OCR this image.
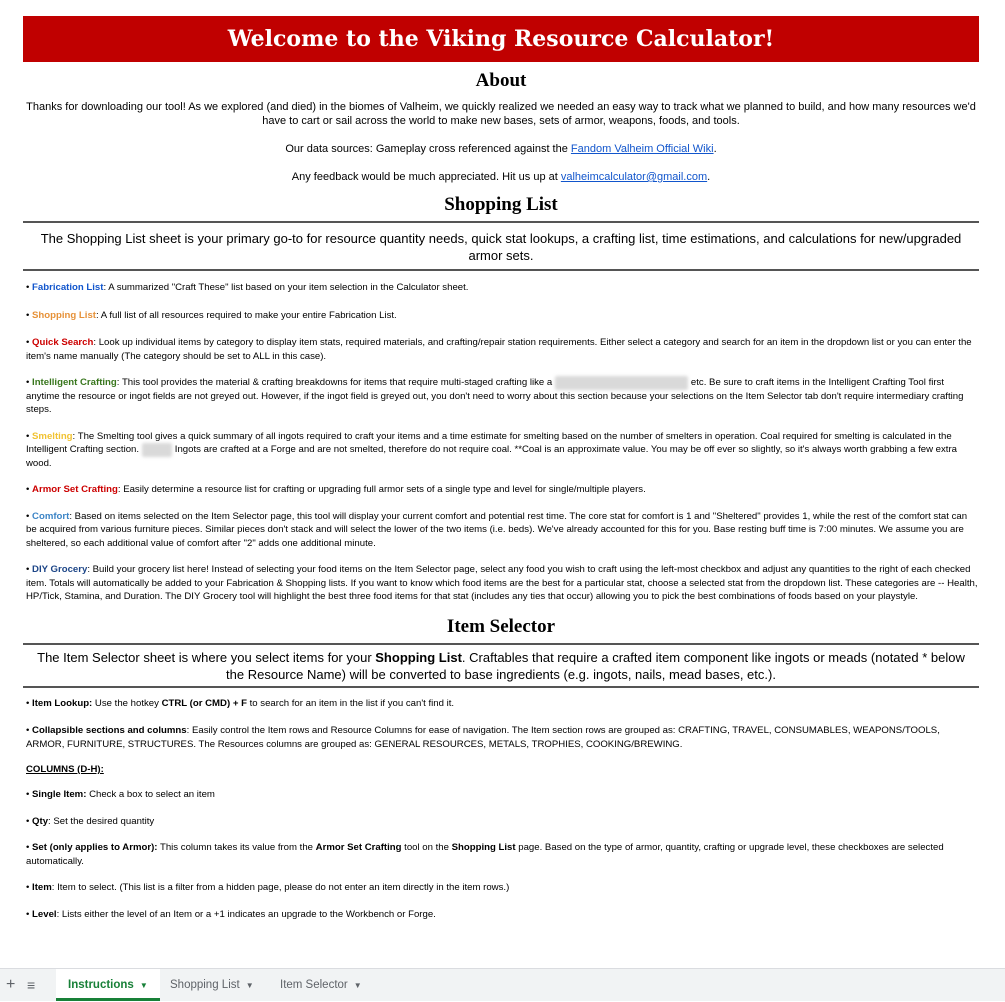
Welcome to the Viking Resource Calculator!
About
Thanks for downloading our tool! As we explored (and died) in the biomes of Valheim, we quickly realized we needed an easy way to track what we planned to build, and how many resources we'd have to cart or sail across the world to make new bases, sets of armor, weapons, foods, and tools.
Our data sources: Gameplay cross referenced against the Fandom Valheim Official Wiki.
Any feedback would be much appreciated. Hit us up at valheimcalculator@gmail.com.
Shopping List
The Shopping List sheet is your primary go-to for resource quantity needs, quick stat lookups, a crafting list, time estimations, and calculations for new/upgraded armor sets.
• Fabrication List: A summarized "Craft These" list based on your item selection in the Calculator sheet.
• Shopping List: A full list of all resources required to make your entire Fabrication List.
• Quick Search: Look up individual items by category to display item stats, required materials, and crafting/repair station requirements. Either select a category and search for an item in the dropdown list or you can enter the item's name manually (The category should be set to ALL in this case).
• Intelligent Crafting: This tool provides the material & crafting breakdowns for items that require multi-staged crafting like a	etc. Be sure to craft items in the Intelligent Crafting Tool first anytime the resource or ingot fields are not greyed out. However, if the ingot field is greyed out, you don't need to worry about this section because your selections on the Item Selector tab don't require intermediary crafting steps.
• Smelting: The Smelting tool gives a quick summary of all ingots required to craft your items and a time estimate for smelting based on the number of smelters in operation. Coal required for smelting is calculated in the Intelligent Crafting section.	Ingots are crafted at a Forge and are not smelted, therefore do not require coal. **Coal is an approximate value. You may be off ever so slightly, so it's always worth grabbing a few extra wood.
• Armor Set Crafting: Easily determine a resource list for crafting or upgrading full armor sets of a single type and level for single/multiple players.
• Comfort: Based on items selected on the Item Selector page, this tool will display your current comfort and potential rest time. The core stat for comfort is 1 and "Sheltered" provides 1, while the rest of the comfort stat can be acquired from various furniture pieces. Similar pieces don't stack and will select the lower of the two items (i.e. beds). We've already accounted for this for you. Base resting buff time is 7:00 minutes. We assume you are sheltered, so each additional value of comfort after "2" adds one additional minute.
• DIY Grocery: Build your grocery list here! Instead of selecting your food items on the Item Selector page, select any food you wish to craft using the left-most checkbox and adjust any quantities to the right of each checked item. Totals will automatically be added to your Fabrication & Shopping lists. If you want to know which food items are the best for a particular stat, choose a selected stat from the dropdown list. These categories are -- Health, HP/Tick, Stamina, and Duration. The DIY Grocery tool will highlight the best three food items for that stat (includes any ties that occur) allowing you to pick the best combinations of foods based on your playstyle.
Item Selector
The Item Selector sheet is where you select items for your Shopping List. Craftables that require a crafted item component like ingots or meads (notated * below the Resource Name) will be converted to base ingredients (e.g. ingots, nails, mead bases, etc.).
• Item Lookup: Use the hotkey CTRL (or CMD) + F to search for an item in the list if you can't find it.
• Collapsible sections and columns: Easily control the Item rows and Resource Columns for ease of navigation. The Item section rows are grouped as: CRAFTING, TRAVEL, CONSUMABLES, WEAPONS/TOOLS, ARMOR, FURNITURE, STRUCTURES. The Resources columns are grouped as: GENERAL RESOURCES, METALS, TROPHIES, COOKING/BREWING.
COLUMNS (D-H):
• Single Item: Check a box to select an item
• Qty: Set the desired quantity
• Set (only applies to Armor): This column takes its value from the Armor Set Crafting tool on the Shopping List page. Based on the type of armor, quantity, crafting or upgrade level, these checkboxes are selected automatically.
• Item: Item to select. (This list is a filter from a hidden page, please do not enter an item directly in the item rows.)
• Level: Lists either the level of an Item or a +1 indicates an upgrade to the Workbench or Forge.
+ ≡	Instructions ▼	Shopping List ▼	Item Selector ▼
